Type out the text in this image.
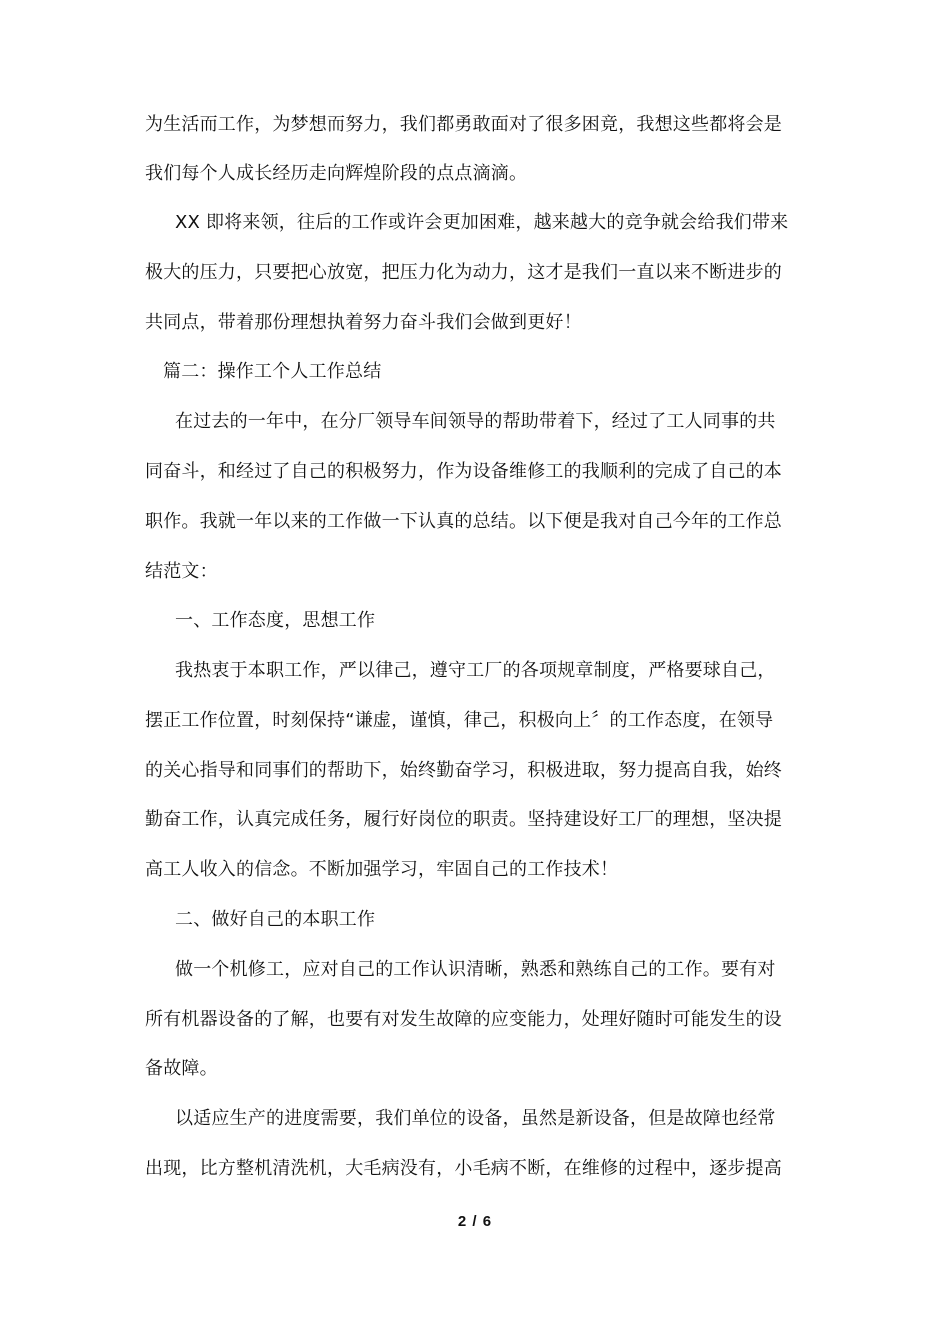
为生活而工作，为梦想而努力，我们都勇敢面对了很多困竟，我想这些都将会是
我们每个人成长经历走向辉煌阶段的点点滴滴。
XX 即将来领，往后的工作或许会更加困难，越来越大的竞争就会给我们带来
极大的压力，只要把心放宽，把压力化为动力，这才是我们一直以来不断进步的
共同点，带着那份理想执着努力奋斗我们会做到更好！
篇二：操作工个人工作总结
在过去的一年中，在分厂领导车间领导的帮助带着下，经过了工人同事的共
同奋斗，和经过了自己的积极努力，作为设备维修工的我顺利的完成了自己的本
职作。我就一年以来的工作做一下认真的总结。以下便是我对自己今年的工作总
结范文：
一、工作态度，思想工作
我热衷于本职工作，严以律己，遵守工厂的各项规章制度，严格要球自己，
摆正工作位置，时刻保持“谦虚，谨慎，律己，积极向上〞的工作态度，在领导
的关心指导和同事们的帮助下，始终勤奋学习，积极进取，努力提高自我，始终
勤奋工作，认真完成任务，履行好岗位的职责。坚持建设好工厂的理想，坚决提
高工人收入的信念。不断加强学习，牢固自己的工作技术！
二、做好自己的本职工作
做一个机修工，应对自己的工作认识清晰，熟悉和熟练自己的工作。要有对
所有机器设备的了解，也要有对发生故障的应变能力，处理好随时可能发生的设
备故障。
以适应生产的进度需要，我们单位的设备，虽然是新设备，但是故障也经常
出现，比方整机清洗机，大毛病没有，小毛病不断，在维修的过程中，逐步提高
2 / 6
